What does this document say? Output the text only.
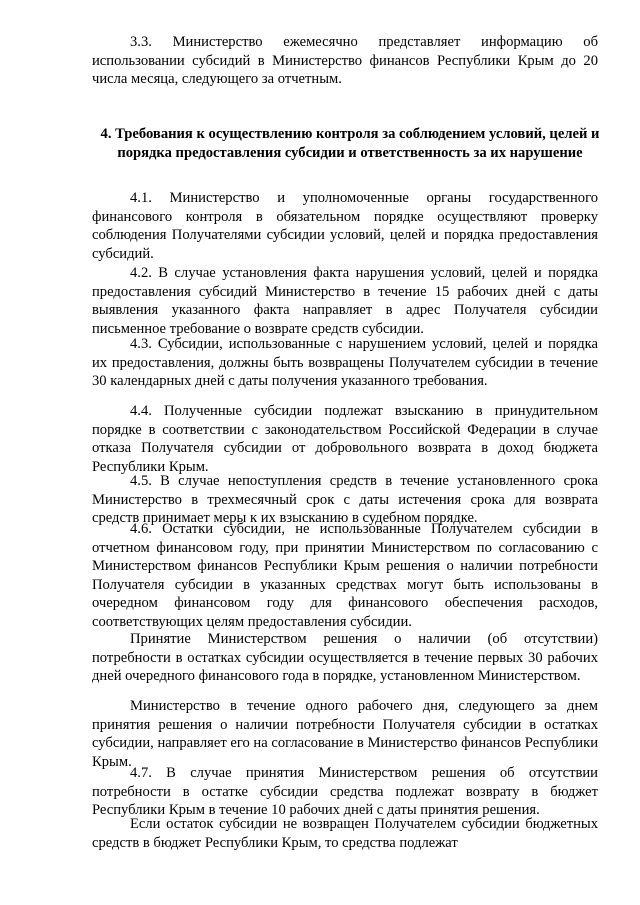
3.3. Министерство ежемесячно представляет информацию об использовании субсидий в Министерство финансов Республики Крым до 20 числа месяца, следующего за отчетным.

4. Требования к осуществлению контроля за соблюдением условий, целей и порядка предоставления субсидии и ответственность за их нарушение

4.1. Министерство и уполномоченные органы государственного финансового контроля в обязательном порядке осуществляют проверку соблюдения Получателями субсидии условий, целей и порядка предоставления субсидий.

4.2. В случае установления факта нарушения условий, целей и порядка предоставления субсидий Министерство в течение 15 рабочих дней с даты выявления указанного факта направляет в адрес Получателя субсидии письменное требование о возврате средств субсидии.

4.3. Субсидии, использованные с нарушением условий, целей и порядка их предоставления, должны быть возвращены Получателем субсидии в течение 30 календарных дней с даты получения указанного требования.

4.4. Полученные субсидии подлежат взысканию в принудительном порядке в соответствии с законодательством Российской Федерации в случае отказа Получателя субсидии от добровольного возврата в доход бюджета Республики Крым.

4.5. В случае непоступления средств в течение установленного срока Министерство в трехмесячный срок с даты истечения срока для возврата средств принимает меры к их взысканию в судебном порядке.

4.6. Остатки субсидии, не использованные Получателем субсидии в отчетном финансовом году, при принятии Министерством по согласованию с Министерством финансов Республики Крым решения о наличии потребности Получателя субсидии в указанных средствах могут быть использованы в очередном финансовом году для финансового обеспечения расходов, соответствующих целям предоставления субсидии.

Принятие Министерством решения о наличии (об отсутствии) потребности в остатках субсидии осуществляется в течение первых 30 рабочих дней очередного финансового года в порядке, установленном Министерством.

Министерство в течение одного рабочего дня, следующего за днем принятия решения о наличии потребности Получателя субсидии в остатках субсидии, направляет его на согласование в Министерство финансов Республики Крым.

4.7. В случае принятия Министерством решения об отсутствии потребности в остатке субсидии средства подлежат возврату в бюджет Республики Крым в течение 10 рабочих дней с даты принятия решения.

Если остаток субсидии не возвращен Получателем субсидии бюджетных средств в бюджет Республики Крым, то средства подлежат
